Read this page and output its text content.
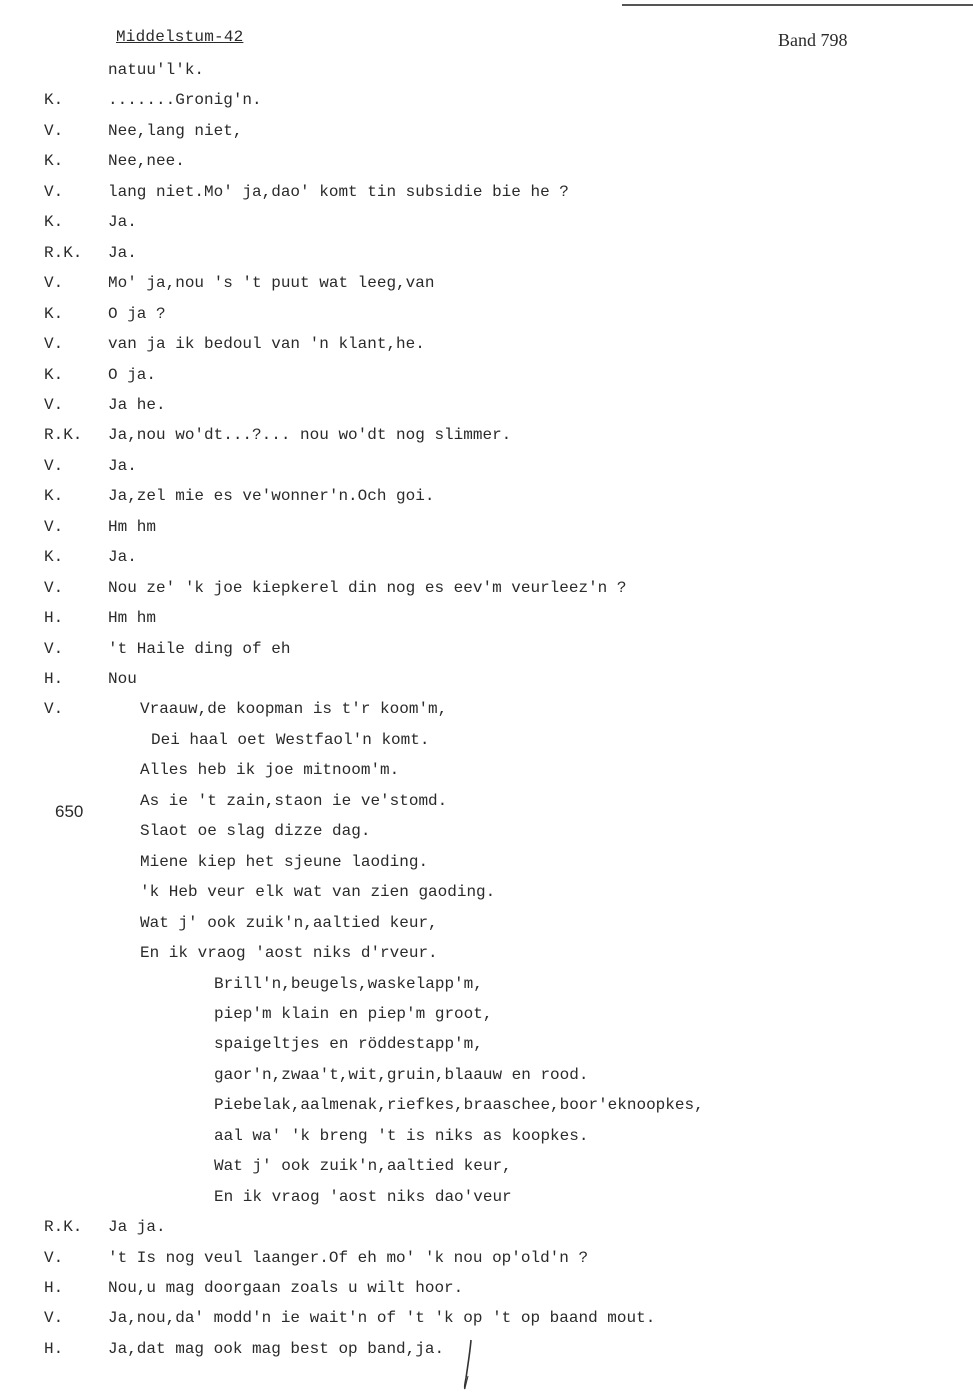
Middelstum-42	Band 798
650
natuu'l'k.
K.	.......Gronig'n.
V.	Nee,lang niet,
K.	Nee,nee.
V.	lang niet.Mo' ja,dao' komt tin subsidie bie he ?
K.	Ja.
R.K. Ja.
V.	Mo' ja,nou 's 't puut wat leeg,van
K.	O ja ?
V.	van ja ik bedoul van 'n klant,he.
K.	O ja.
V.	Ja he.
R.K. Ja,nou wo'dt...?... nou wo'dt nog slimmer.
V.	Ja.
K.	Ja,zel mie es ve'wonner'n.Och goi.
V.	Hm hm
K.	Ja.
V.	Nou ze' 'k joe kiepkerel din nog es eev'm veurleez'n ?
H.	Hm hm
V.	't Haile ding of eh
H.	Nou
V.	Vraauw,de koopman is t'r koom'm,
Dei haal oet Westfaol'n komt.
Alles heb ik joe mitnoom'm.
As ie 't zain,staon ie ve'stomd.
Slaot oe slag dizze dag.
Miene kiep het sjeune laoding.
'k Heb veur elk wat van zien gaoding.
Wat j' ook zuik'n,aaltied keur,
En ik vraog 'aost niks d'rveur.
Brill'n,beugels,waskelapp'm,
piep'm klain en piep'm groot,
spaigeltjes en röddestapp'm,
gaor'n,zwaa't,wit,gruin,blaauw en rood.
Piebelak,aalmenak,riefkes,braaschee,boor'eknoopkes,
aal wa' 'k breng 't is niks as koopkes.
Wat j' ook zuik'n,aaltied keur,
En ik vraog 'aost niks dao'veur
R.K. Ja ja.
V.	't Is nog veul laanger.Of eh mo' 'k nou op'old'n ?
H.	Nou,u mag doorgaan zoals u wilt hoor.
V.	Ja,nou,da' modd'n ie wait'n of 't 'k op 't op baand mout.
H.	Ja,dat mag ook mag best op band,ja.
